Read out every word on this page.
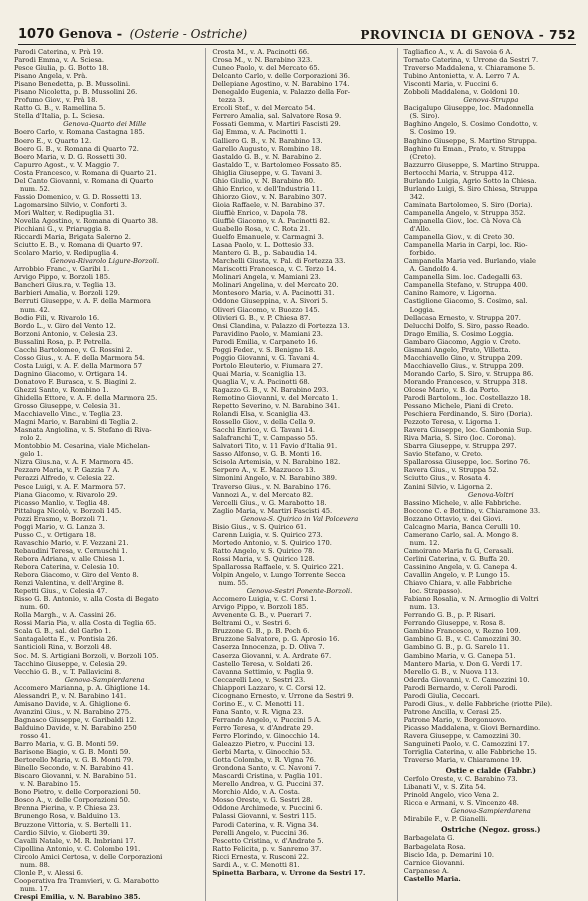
1070 Genova - (Osterie - Ostriche)	PROVINCIA DI GENOVA - 752
Parodi Caterina, v. Prà 19.
Parodi Emma, v. A. Sciesa.
Pesce Giulia, p. G. Botto 18.
Pisano Angela, v. Prà.
Pisano Benedetta, p. B. Mussolini.
Pisano Nicoletta, p. B. Mussolini 26.
Profumo Giov., v. Prà 18.
Ratto G. B., v. Ramellina 5.
Stella d'Italia, p. L. Sciesa.
Genova-Quarto dei Mille
Boero Carlo, v. Romana Castagna 185.
Boero E., v. Quarto 12.
Boero G. B., v. Romana di Quarto 72.
Boero Maria, v. D. G. Rossetti 30.
Capurro Agost., v. V. Maggio 7.
Costa Francesco, v. Romana di Quarto 21.
Del Canto Giovanni, v. Romana di Quarto
num. 52.
Fassio Domenico, v. G. D. Rossetti 13.
Lagomarsino Silvio, v. Conforti 3.
Mori Walter, v. Redipuglia 31.
Novella Agostino, v. Romana di Quarto 38.
Picchiani G., v. Priaruggia 8.
Riccardi Maria, Brigata Salerno 2.
Sciutto E. B., v. Romana di Quarto 97.
Scolaro Mario, v. Redipuglia 4.
Genova-Rivarolo Ligure-Borzoli.
Arrobbio Franc., v. Garibi 1.
Arvigo Pippo, v. Borzoli 185.
Bancheri Gius.ra, v. Teglia 13.
Barbieri Amalia, v. Borzoli 129.
Berruti Giuseppe, v. A. F. della Marmora
num. 42.
Bodio Fili, v. Rivarolo 16.
Bordo L., v. Giro del Vento 12.
Borzoni Antonio, v. Celesia 23.
Bussalini Rosa, p. P. Petrella.
Cacchi Bartolomeo, v. G. Rossini 2.
Cosso Gius., v. A. F. della Marmora 54.
Costa Luigi, v. A. F. della Marmora 57
Dagnino Giacomo, v. Ortigara 14.
Donatovo F. Burasca, v. S. Biagini 2.
Ghezzi Santo, v. Rombino 1.
Ghidella Ettore, v. A. F. della Marmora 25.
Grosso Giuseppe, v. Celesia 31.
Macchiavello Vinc., v. Teglia 23.
Magni Mario, v. Barabini di Teglia 2.
Masnata Angiolina, v. S. Stefano di Riva-
rolo 2.
Montobbio M. Cesarina, viale Michelan-
gelo 1.
Nizra Gius.na, v. A. F. Marmora 45.
Pezzaro Maria, v. P. Gazzia 7 A.
Perazzi Alfredo, v. Celesia 22.
Pesce Luigi, v. A. F. Marmora 57.
Piana Giacomo, v. Rivarolo 29.
Picasso Manlio, v. Teglia 48.
Pittaluga Nicolò, v. Borzoli 145.
Pozzi Erasmo, v. Borzoli 71.
Poggi Mario, v. G. Lanza 3.
Pusso C., v. Ortigara 18.
Ravaschio Mario, v. F. Vezzani 21.
Rebaudini Teresa, v. Cernuschi 1.
Rebora Adriana, v. alle Chiesa 1.
Rebora Caterina, v. Celesia 10.
Rebora Giacomo, v. Giro del Vento 8.
Renzi Valentina, v. dell'Argine 8.
Repetti Gius., v. Celesia 47.
Risso G. B. Antonio, v. alla Costa di Begato
num. 60.
Rolla Margh., v. A. Cassini 26.
Rossi Maria Pia, v. alla Costa di Teglia 65.
Scala G. B., sal. del Garbo 1.
Santagaletta E., v. Pontisia 26.
Santicioli Rina, v. Borzoli 48.
Soc. M. S. Artigiani Borzoli, v. Borzoli 105.
Tacchino Giuseppe, v. Celesia 29.
Vecchio G. B., v. T. Pallavicini 8.
Genova-Sampierdarena
Accomero Marianna, p. A. Ghiglione 14.
Alessandri P., v. N. Barabino 141.
Amisano Davide, v. A. Ghiglione 6.
Avanzini Gius., v. N. Barabino 275.
Bagnasco Giuseppe, v. Garibaldi 12.
Balduino Davide, v. N. Barabino 250
rosso 41.
Barro Maria, v. G. B. Monti 59.
Barisone Biagio, v. G. B. Monti 59.
Bertorello Maria, v. G. B. Monti 79.
Binello Secondo, v. N. Barabino 41.
Biscaro Giovanni, v. N. Barabino 51.
v. N. Barabino 15.
Bono Pietro, v. delle Corporazioni 50.
Bosco A., v. delle Corporazioni 50.
Brenna Pierina, v. P. Chiesa 23.
Brunengo Rosa, v. Balduino 13.
Bruzzone Vittoria, v. S. Bertelli 11.
Cardio Silvio, v. Gioberti 39.
Cavalli Natale, v. M. R. Imbriani 17.
Cipollina Antonio, v. C. Colombo 191.
Circolo Amici Certosa, v. delle Corporazioni
num. 88.
Clonle P., v. Alessi 6.
Cooperativa fra Tramvieri, v. G. Marabotto
num. 17.
Crespi Emilia, v. N. Barabino 385.
Crosta M., v. A. Pacinotti 66.
Crosa M., v. N. Barabino 323.
Cuneo Paolo, v. del Mercato 65.
Delcanto Carlo, v. delle Corporazioni 36.
Dellepiane Agostino, v. N. Barabino 174.
Denegaldo Eugenia, v. Palazzo della For-
tezza 3.
Ercoli Stef., v. del Mercato 54.
Ferrero Amalia, sal. Salvatore Rosa 9.
Fossati Gemma, v. Martiri Fascisti 29.
Gaj Emma, v. A. Pacinotti 1.
Galliero G. B., v. N. Barabino 13.
Garello Augusto, v. Rombino 18.
Gastaldo G. B., v. N. Barabino 2.
Gastaldo T., v. Bartolomeo Fossato 85.
Ghiglia Giuseppe, v. G. Tavani 3.
Ghio Giulio, v. N. Barabino 80.
Ghio Enrico, v. dell'Industria 11.
Ghiorzo Giov., v. N. Barabino 307.
Gioia Raffaele, v. N. Barabino 37.
Giuffiè Enrico, v. Dapola 78.
Giuffiè Giacomo, v. A. Pacinotti 82.
Guabello Rosa, v. C. Rota 21.
Guelfo Emanuele, v. Carmagni 3.
Lasaa Paolo, v. L. Dottesio 33.
Mantero G. B., p. Sabaudia 14.
Marchelli Giusta, v. Pal. di Fortezza 33.
Mariscotti Francesca, v. C. Terzo 14.
Molinari Angela, v. Mamiani 23.
Molinari Angelina, v. del Mercato 20.
Montesoro Maria, v. A. Pacinotti 31.
Oddone Giuseppina, v. A. Sivori 5.
Oliveri Giacomo, v. Buozzo 145.
Olivieri G. B., v. P. Chiesa 87.
Onsi Clandina, v. Palazzo di Fortezza 13.
Paravidino Paolo, v. Mamiani 23.
Parodi Emilia, v. Carpaneto 16.
Poggi Feder., v. S. Benigno 18.
Poggio Giovanni, v. G. Tavani 4.
Portolo Eleuterio, v. Fiumara 27.
Quai Maria, v. Scaniglia 13.
Quaglia V., v. A. Pacinotti 68.
Ragazzo G. B., v. N. Barabino 293.
Remotino Giovanni, v. del Mercato 1.
Repetto Severino, v. N. Barabino 341.
Rolandi Elsa, v. Scaniglia 43.
Rossello Giov., v. della Cella 9.
Sacchi Enrico, v. G. Tavani 14.
Salafranchi T., v. Campasso 55.
Salvatori Tito, v. 11 Favio d'Italia 91.
Sasso Alfonso, v. G. B. Monti 16.
Scisola Artemisia, v. N. Barabino 182.
Serpero A., v. E. Mazzucco 13.
Simonini Angelo, v. N. Barabino 389.
Traverso Gius., v. N. Barabino 176.
Vannozi A., v. del Mercato 82.
Vercelli Gius., v. G. Marabotto 18.
Zaglio Maria, v. Martiri Fascisti 45.
Genova-S. Quirico in Val Polcevera
Bisio Gius., v. S. Quirico 61.
Carenn Luigia, v. S. Quirico 273.
Mortedo Antonio, v. S. Quirico 170.
Ratto Angelo, v. S. Quirico 78.
Rossi Maria, v. S. Quirico 128.
Spallarossa Raffaele, v. S. Quirico 221.
Volpin Angelo, v. Lungo Torrente Secca
num. 55.
Genova-Sestri Ponente-Borzoli.
Accomero Luigia, v. C. Corsi 1.
Arvigo Pippo, v. Borzoli 185.
Avvenente G. B., v. Puerari 7.
Beltrami O., v. Sestri 6.
Bruzzone G. B., p. B. Poch 6.
Bruzzone Salvatore, p. G. Aprosio 16.
Caserza Innocenza, p. D. Oliva 7.
Caserza Giovanni, v. A. Ardrate 67.
Castello Teresa, v. Soldati 26.
Cavanna Settimio, v. Paglia 9.
Ceccarelli Leo, v. Sestri 23.
Chiappori Lazzaro, v. C. Corsi 12.
Cicognano Ernesto, v. Urrone da Sestri 9.
Corino E., v. C. Menotti 11.
Fana Santo, v. R. Vigna 23.
Ferrando Angelo, v. Puccini 5 A.
Ferro Teresa, v. d'Andrate 29.
Ferro Florindo, v. Ginocchio 14.
Galeazzo Pietro, v. Puccini 13.
Gerbi Marta, v. Ginocchio 53.
Gotta Colomba, v. R. Vigna 76.
Grondona Santo, v. C. Navoni 7.
Mascardi Cristina, v. Paglia 101.
Merello Andrea, v. G. Puccini 37.
Morchio Aldo, v. A. Costa.
Mosso Oreste, v. G. Sestri 28.
Oddone Archimede, v. Puccini 6.
Palassi Giovanni, v. Sestri 115.
Parodi Caterina, v. R. Vigna 34.
Perelli Angelo, v. Puccini 36.
Pescetto Cristina, v. d'Andrate 5.
Ratto Felicita, p. v. Sanremo 37.
Ricci Ernesta, v. Rusconi 22.
Sardi A., v. C. Menotti 81.
Spinetta Barbara, v. Urrone da Sestri 17.
Tagliafico A., v. A. di Savoia 6 A.
Tornato Caterina, v. Urrone da Sestri 7.
Traverso Maddalena, v. Chiaramone 5.
Tubino Antonietta, v. A. Lerro 7 A.
Visconti Maria, v. Fuccini 6.
Zobboli Maddalena, v. Goldoni 10.
Genova-Struppa
Bacigalupo Giuseppe, loc. Madonnella
(S. Siro).
Baghino Angelo, S. Cosimo Condotto, v.
S. Cosimo 19.
Baghino Giuseppe, S. Martino Struppa.
Baghino fu Eman., Prato, v. Struppa
(Creto).
Bazzurro Giuseppe, S. Martino Struppa.
Bertocchi Maria, v. Struppa 412.
Burlando Luigia, Agrio Sotto la Chiesa.
Burlando Luigi, S. Siro Chiesa, Struppa
342.
Caminata Bartolomeo, S. Siro (Doria).
Campanella Angelo, v. Struppa 352.
Campanella Giov., loc. Cà Nova Cà
d'Allo.
Campanella Giov., v. di Creto 30.
Campanella Maria in Carpi, loc. Rio-
forbido.
Campanella Maria ved. Burlando, viale
A. Gandolfo 4.
Campanella Sim. loc. Cadegalli 63.
Campanella Stefano, v. Struppa 400.
Canino Ramore, v. Ligorna.
Castiglione Giacomo, S. Cosimo, sal.
Loggia.
Dellacasa Ernesto, v. Struppa 207.
Delucchi Dolfo, S. Siro, passo Reado.
Drago Emilia, S. Cosimo Loggia.
Gambaro Giacomo, Aggio v. Creto.
Gismani Angelo, Prato, Villetta.
Macchiavello Gino, v. Struppa 209.
Macchiavello Gius., v. Struppa 209.
Morando Carlo, S. Siro, v. Struppa 86.
Morando Francesco, v. Struppa 318.
Olcese Mario, v. B. da Porto.
Parodi Bartolom., loc. Costellazzo 18.
Pessano Michele, Piani di Creto.
Peschiera Ferdinando, S. Siro (Doria).
Pezzoto Teresa, v. Ligorna 1.
Ravera Giuseppe, loc. Gambonia Sup.
Riva Maria, S. Siro (loc. Corona).
Sbarra Giuseppe, v. Struppa 297.
Savio Stefano, v. Creto.
Spallarossa Giuseppe, loc. Sorino 76.
Ravera Gius., v. Struppa 52.
Sciutto Gius., v. Rosata 4.
Zanini Silvio, v. Ligorna 2.
Genova-Voltri
Bassino Michele, v. alle Fabbriche.
Boccone C. e Bottino, v. Chiaramone 33.
Bozzano Ottavio, v. dei Giovi.
Calcagno Maria, Banca Cerulli 10.
Camerano Carlo, sal. A. Mongo 8.
num. 12.
Camoirano Maria fu G, Cerasali.
Cerlini Caterina, v. G. Buffa 20.
Cassinino Angela, v. G. Canepa 4.
Cavallin Angelo, v. P. Lungo 15.
Chiavo Chiara, v. alle Fabbriche
loc. Strapasso).
Fabiano Rosalia, v. N. Armoglio di Voltri
num. 13.
Ferrando G. B., p. P. Risari.
Ferrando Giuseppe, v. Rosa 8.
Gambino Francesco, v. Rezno 109.
Gambino G. B., v. C. Camozzini 30.
Gambino G. B., p. G. Sarelo 11.
Gambino Maria, v. G. Canepa 51.
Mantero Maria, v. Don G. Verdi 17.
Merello G. B., v. Nuova 113.
Oderda Giovanni, v. C. Camozzini 10.
Parodi Bernardo, v. Ceroli Parodi.
Parodi Giulia, Ceccari.
Parodi Gius., v. delle Fabbriche (riotte Pile).
Patrone Ancilla, v. Cerasi 25.
Patrone Mario, v. Borgonuovo.
Picasso Maddalena, v. Giovi Bernardino.
Ravera Giuseppe, v. Camozzini 30.
Sanguineti Paolo, v. C. Camozzini 17.
Torriglia Caterina, v. alle Fabbriche 15.
Traverso Maria, v. Chiaramone 19.
Ostie e cialde (Fabbr.)
Cerfolo Oreste, v. C. Barabino 73.
Libanati V., v. S. Zita 54.
Prinold Angelo, vico Vena 2.
Ricca e Armani, v. S. Vincenzo 48.
Genova-Sampierdarena
Mirabile F., v. P. Gianelli.
Ostriche (Negoz. gross.)
Barbagelata G.
Barbagelata Rosa.
Biscio Ida, p. Demarini 10.
Carnice Giovanni.
Carpanese A.
Castello Maria.
